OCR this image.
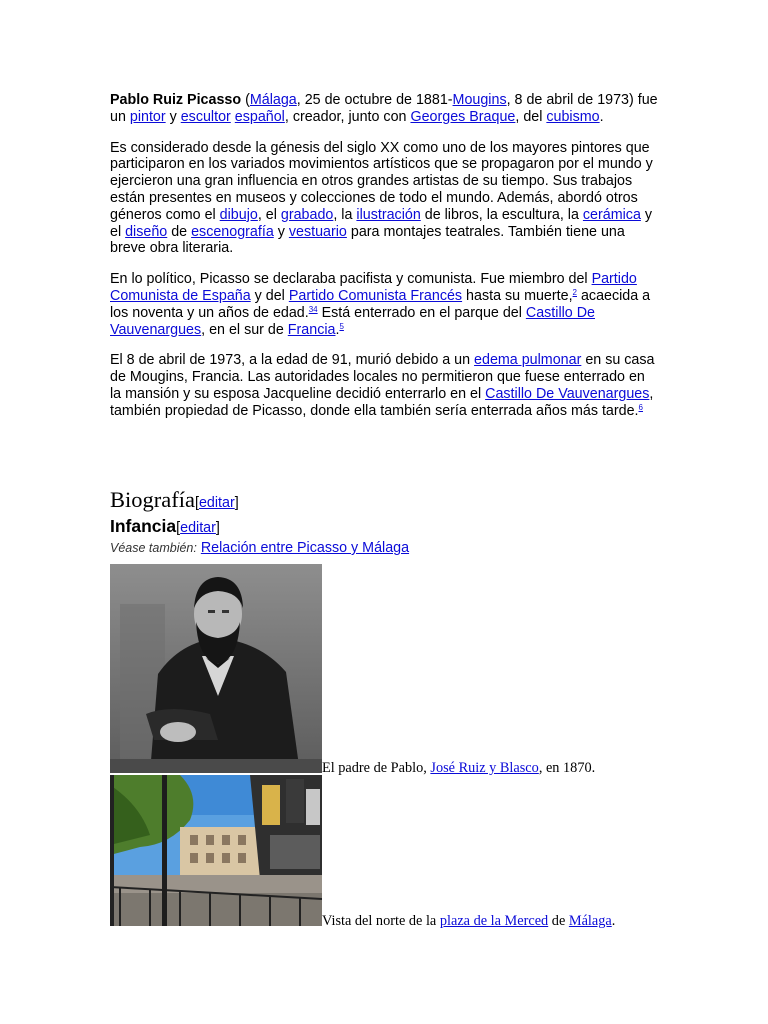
Pablo Ruiz Picasso (Málaga, 25 de octubre de 1881-Mougins, 8 de abril de 1973) fue un pintor y escultor español, creador, junto con Georges Braque, del cubismo.

Es considerado desde la génesis del siglo XX como uno de los mayores pintores que participaron en los variados movimientos artísticos que se propagaron por el mundo y ejercieron una gran influencia en otros grandes artistas de su tiempo. Sus trabajos están presentes en museos y colecciones de todo el mundo. Además, abordó otros géneros como el dibujo, el grabado, la ilustración de libros, la escultura, la cerámica y el diseño de escenografía y vestuario para montajes teatrales. También tiene una breve obra literaria.

En lo político, Picasso se declaraba pacifista y comunista. Fue miembro del Partido Comunista de España y del Partido Comunista Francés hasta su muerte,$^2$ acaecida a los noventa y un años de edad.$^{34}$ Está enterrado en el parque del Castillo De Vauvenargues, en el sur de Francia.$^5$

El 8 de abril de 1973, a la edad de 91, murió debido a un edema pulmonar en su casa de Mougins, Francia. Las autoridades locales no permitieron que fuese enterrado en la mansión y su esposa Jacqueline decidió enterrarlo en el Castillo De Vauvenargues, también propiedad de Picasso, donde ella también sería enterrada años más tarde.$^6$

Biografía[editar]
Infancia[editar]
Véase también: Relación entre Picasso y Málaga
El padre de Pablo, José Ruiz y Blasco, en 1870.
Vista del norte de la plaza de la Merced de Málaga.
